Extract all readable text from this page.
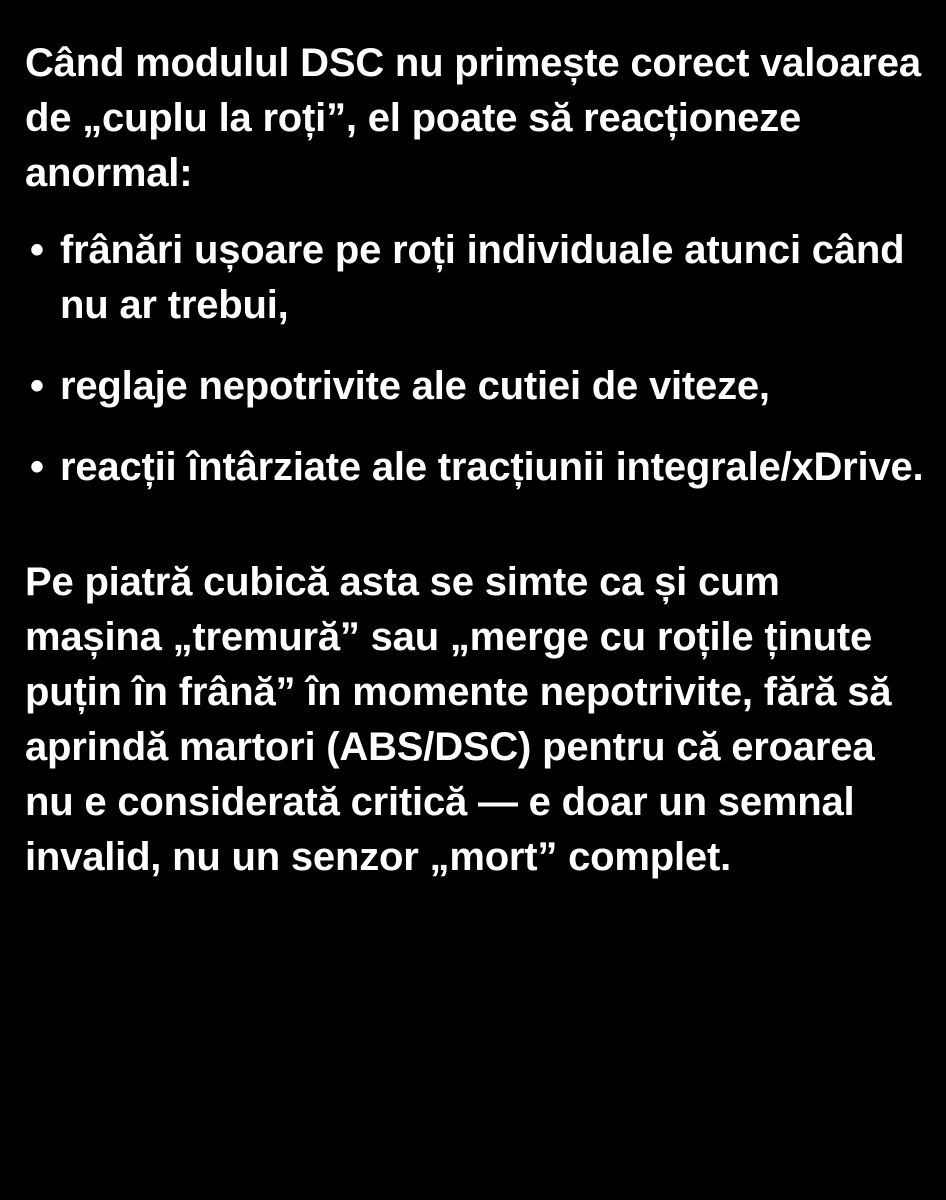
Când modulul DSC nu primește corect valoarea de „cuplu la roți”, el poate să reacționeze anormal:

• frânări ușoare pe roți individuale atunci când nu ar trebui,
• reglaje nepotrivite ale cutiei de viteze,
• reacții întârziate ale tracțiunii integrale/xDrive.

Pe piatră cubică asta se simte ca și cum mașina „tremură” sau „merge cu roțile ținute puțin în frână” în momente nepotrivite, fără să aprindă martori (ABS/DSC) pentru că eroarea nu e considerată critică — e doar un semnal invalid, nu un senzor „mort” complet.
